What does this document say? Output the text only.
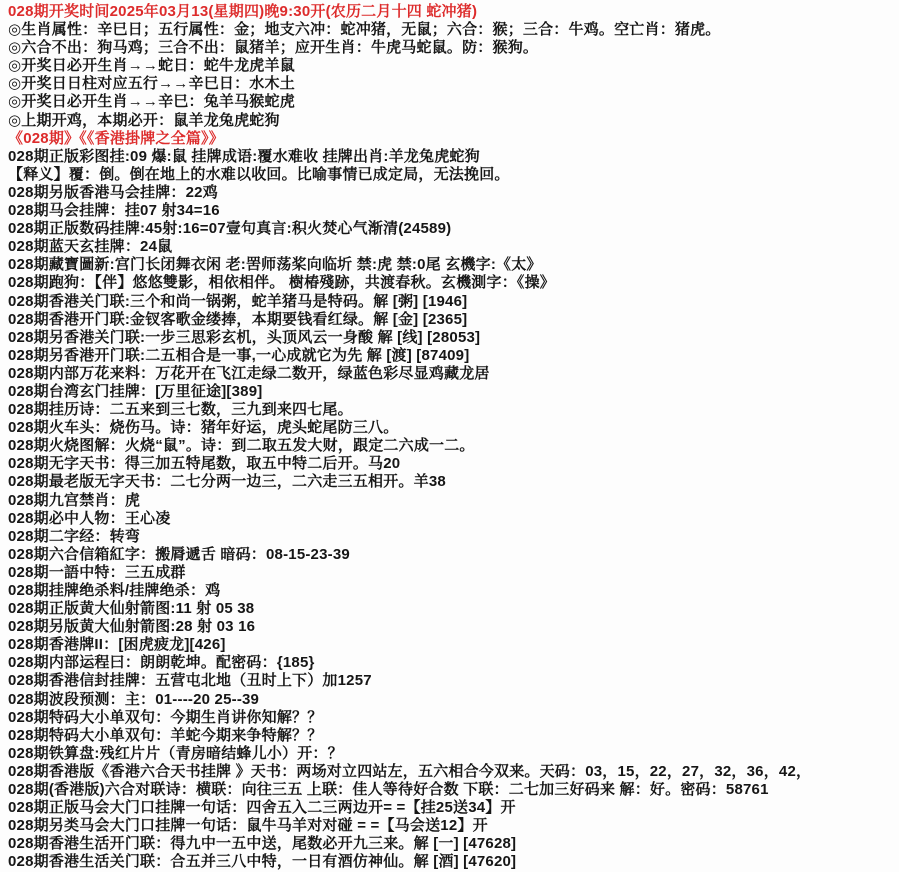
028期开奖时间2025年03月13(星期四)晚9:30开(农历二月十四 蛇冲猪)
◎生肖属性：辛巳日；五行属性：金；地支六冲：蛇冲猪，无鼠；六合：猴；三合：牛鸡。空亡肖：猪虎。
◎六合不出：狗马鸡；三合不出：鼠猪羊；应开生肖：牛虎马蛇鼠。防：猴狗。
◎开奖日必开生肖→→蛇日：蛇牛龙虎羊鼠
◎开奖日日柱对应五行→→辛巳日：水木土
◎开奖日必开生肖→→辛巳：兔羊马猴蛇虎
◎上期开鸡，本期必开：鼠羊龙兔虎蛇狗
《028期》《《香港掛牌之全篇》》
028期正版彩图挂:09 爆:鼠 挂牌成语:覆水难收 挂牌出肖:羊龙兔虎蛇狗
【释义】覆：倒。倒在地上的水难以收回。比喻事情已成定局，无法挽回。
028期另版香港马会挂牌：22鸡
028期马会挂牌：挂07 射34=16
028期正版数码挂牌:45射:16=07壹句真言:积火焚心气渐清(24589)
028期蓝天玄挂牌：24鼠
028期藏寶圖新:宫门长闭舞衣闲 老:罟师荡桨向临圻 禁:虎 禁:0尾 玄機字:《太》
028期跑狗：【伴】悠悠雙影，相依相伴。 樹椿殘跡，共渡春秋。玄機測字：《操》
028期香港关门联:三个和尚一锅粥，蛇羊猪马是特码。解 [粥] [1946]
028期香港开门联:金钗客歌金缕捧，本期要钱看红绿。解 [金] [2365]
028期另香港关门联:一步三思彩玄机，头顶风云一身酸 解 [线] [28053]
028期另香港开门联:二五相合是一事,一心成就它为先 解 [渡] [87409]
028期内部万花来料：万花开在飞江走绿二数开，绿蓝色彩尽显鸡藏龙居
028期台湾玄门挂牌：[万里征途][389]
028期挂历诗：二五来到三七数，三九到来四七尾。
028期火车头：烧伤马。诗：猪年好运，虎头蛇尾防三八。
028期火烧图解：火烧“鼠”。诗：到二取五发大财，跟定二六成一二。
028期无字天书：得三加五特尾数，取五中特二后开。马20
028期最老版无字天书：二七分两一边三，二六走三五相开。羊38
028期九宫禁肖：虎
028期必中人物：王心凌
028期二字经：转弯
028期六合信箱紅字：搬脣遞舌 暗码：08-15-23-39
028期一語中特：三五成群
028期挂牌绝杀料/挂牌绝杀：鸡
028期正版黄大仙射箭图:11 射 05 38
028期另版黄大仙射箭图:28 射 03 16
028期香港牌II：[困虎疲龙][426]
028期内部运程曰：朗朗乾坤。配密码：{185}
028期香港信封挂牌：五营屯北地（丑时上下）加1257
028期波段预测：主：01----20 25--39
028期特码大小单双句：今期生肖讲你知解？？
028期特码大小单双句：羊蛇今期来争特解？？
028期铁算盘:残红片片（青房暗结蜂儿小）开：？
028期香港版《香港六合天书挂牌 》天书：两场对立四站左，五六相合今双来。天码：03，15，22，27，32，36，42，
028期(香港版)六合对联诗：横联：向往三五 上联：佳人等待好合数 下联：二七加三好码来 解：好。密码：58761
028期正版马会大门口挂牌一句话：四舍五入二三两边开= =【挂25送34】开
028期另类马会大门口挂牌一句话：鼠牛马羊对对碰 = =【马会送12】开
028期香港生活开门联：得九中一五中送，尾数必开九三来。解 [一] [47628]
028期香港生活关门联：合五并三八中特，一日有酒仿神仙。解 [酒] [47620]
